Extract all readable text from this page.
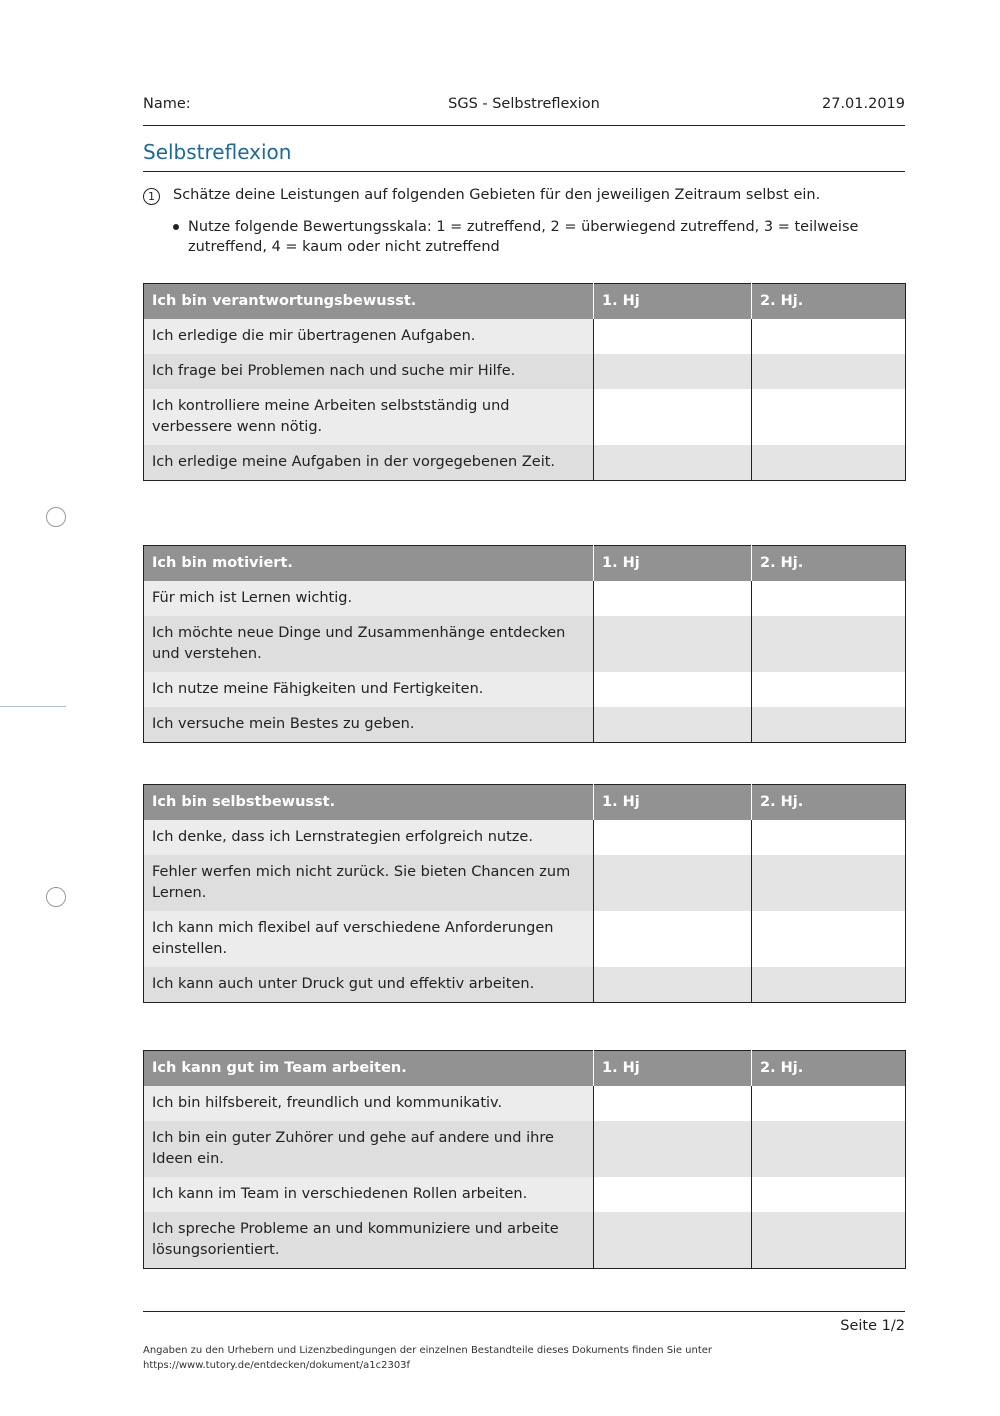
Name:	SGS - Selbstreflexion	27.01.2019
Selbstreflexion
1	Schätze deine Leistungen auf folgenden Gebieten für den jeweiligen Zeitraum selbst ein.
Nutze folgende Bewertungsskala: 1 = zutreffend, 2 = überwiegend zutreffend, 3 = teilweise zutreffend, 4 = kaum oder nicht zutreffend
Ich bin verantwortungsbewusst.	1. Hj	2. Hj.
Ich erledige die mir übertragenen Aufgaben.		
Ich frage bei Problemen nach und suche mir Hilfe.		
Ich kontrolliere meine Arbeiten selbstständig und verbessere wenn nötig.		
Ich erledige meine Aufgaben in der vorgegebenen Zeit.		
Ich bin motiviert.	1. Hj	2. Hj.
Für mich ist Lernen wichtig.		
Ich möchte neue Dinge und Zusammenhänge entdecken und verstehen.		
Ich nutze meine Fähigkeiten und Fertigkeiten.		
Ich versuche mein Bestes zu geben.		
Ich bin selbstbewusst.	1. Hj	2. Hj.
Ich denke, dass ich Lernstrategien erfolgreich nutze.		
Fehler werfen mich nicht zurück. Sie bieten Chancen zum Lernen.		
Ich kann mich flexibel auf verschiedene Anforderungen einstellen.		
Ich kann auch unter Druck gut und effektiv arbeiten.		
Ich kann gut im Team arbeiten.	1. Hj	2. Hj.
Ich bin hilfsbereit, freundlich und kommunikativ.		
Ich bin ein guter Zuhörer und gehe auf andere und ihre Ideen ein.		
Ich kann im Team in verschiedenen Rollen arbeiten.		
Ich spreche Probleme an und kommuniziere und arbeite lösungsorientiert.		
Seite 1/2
Angaben zu den Urhebern und Lizenzbedingungen der einzelnen Bestandteile dieses Dokuments finden Sie unter
https://www.tutory.de/entdecken/dokument/a1c2303f
